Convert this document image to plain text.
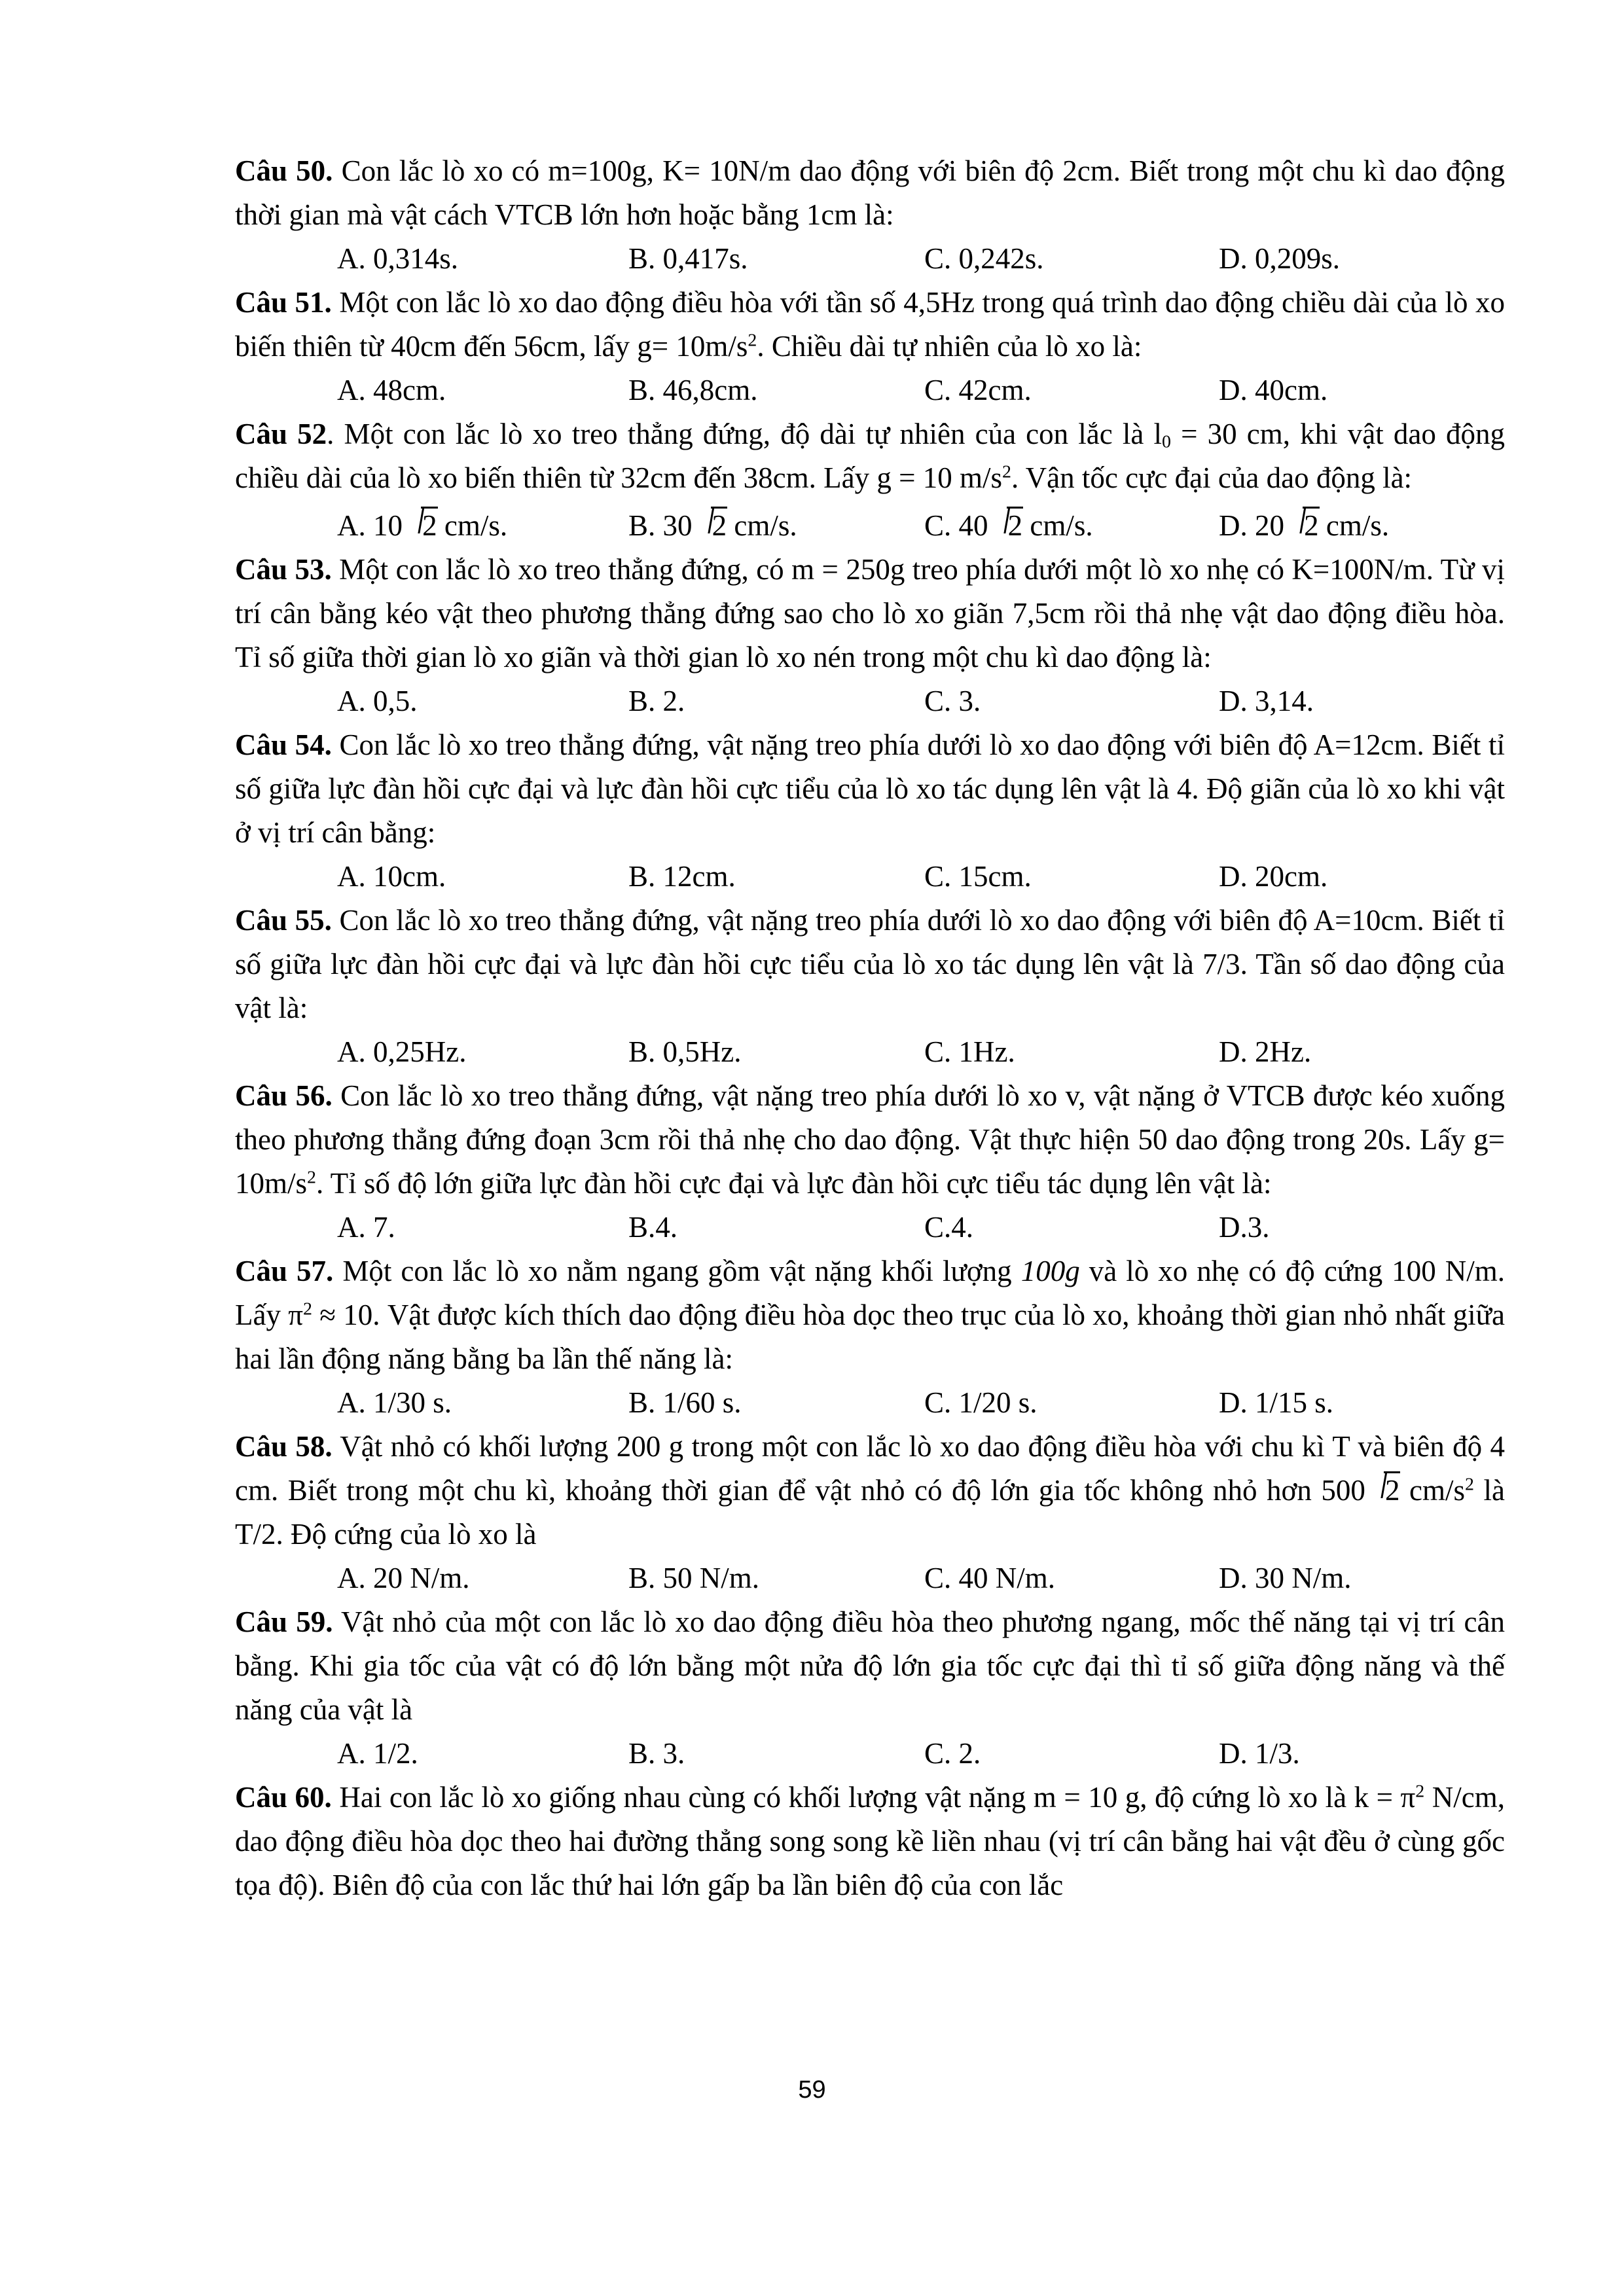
Câu 50. Con lắc lò xo có m=100g, K= 10N/m dao động với biên độ 2cm. Biết trong một chu kì dao động thời gian mà vật cách VTCB lớn hơn hoặc bằng 1cm là:

A. 0,314s.	B. 0,417s.	C. 0,242s.	D. 0,209s.

Câu 51. Một con lắc lò xo dao động điều hòa với tần số 4,5Hz trong quá trình dao động chiều dài của lò xo biến thiên từ 40cm đến 56cm, lấy $g= 10m/s^2$. Chiều dài tự nhiên của lò xo là:

A. 48cm.	B. 46,8cm.	C. 42cm.	D. 40cm.

Câu 52. Một con lắc lò xo treo thẳng đứng, độ dài tự nhiên của con lắc là $l_0 = 30$ cm, khi vật dao động chiều dài của lò xo biến thiên từ 32cm đến 38cm. Lấy g = 10 $m/s^2$. Vận tốc cực đại của dao động là:

A. 10 2 cm/s.	B. 30 2 cm/s.	C. 40 2 cm/s.	D. 20 2 cm/s.

Câu 53. Một con lắc lò xo treo thẳng đứng, có m = 250g treo phía dưới một lò xo nhẹ có K=100N/m. Từ vị trí cân bằng kéo vật theo phương thẳng đứng sao cho lò xo giãn 7,5cm rồi thả nhẹ vật dao động điều hòa. Tỉ số giữa thời gian lò xo giãn và thời gian lò xo nén trong một chu kì dao động là:

A. 0,5.	B. 2.	C. 3.	D. 3,14.

Câu 54. Con lắc lò xo treo thẳng đứng, vật nặng treo phía dưới lò xo dao động với biên độ A=12cm. Biết tỉ số giữa lực đàn hồi cực đại và lực đàn hồi cực tiểu của lò xo tác dụng lên vật là 4. Độ giãn của lò xo khi vật ở vị trí cân bằng:

A. 10cm.	B. 12cm.	C. 15cm.	D. 20cm.

Câu 55. Con lắc lò xo treo thẳng đứng, vật nặng treo phía dưới lò xo dao động với biên độ A=10cm. Biết tỉ số giữa lực đàn hồi cực đại và lực đàn hồi cực tiểu của lò xo tác dụng lên vật là 7/3. Tần số dao động của vật là:

A. 0,25Hz.	B. 0,5Hz.	C. 1Hz.	D. 2Hz.

Câu 56. Con lắc lò xo treo thẳng đứng, vật nặng treo phía dưới lò xo v, vật nặng ở VTCB được kéo xuống theo phương thẳng đứng đoạn 3cm rồi thả nhẹ cho dao động. Vật thực hiện 50 dao động trong 20s. Lấy $g= 10m/s^2$. Tỉ số độ lớn giữa lực đàn hồi cực đại và lực đàn hồi cực tiểu tác dụng lên vật là:

A. 7.	B.4.	C.4.	D.3.

Câu 57. Một con lắc lò xo nằm ngang gồm vật nặng khối lượng 100g và lò xo nhẹ có độ cứng 100 N/m. Lấy $\pi^2 \approx 10$. Vật được kích thích dao động điều hòa dọc theo trục của lò xo, khoảng thời gian nhỏ nhất giữa hai lần động năng bằng ba lần thế năng là:

A. 1/30 s.	B. 1/60 s.	C. 1/20 s.	D. 1/15 s.

Câu 58. Vật nhỏ có khối lượng 200 g trong một con lắc lò xo dao động điều hòa với chu kì T và biên độ 4 cm. Biết trong một chu kì, khoảng thời gian để vật nhỏ có độ lớn gia tốc không nhỏ hơn 500 2 $cm/s^2$ là T/2. Độ cứng của lò xo là

A. 20 N/m.	B. 50 N/m.	C. 40 N/m.	D. 30 N/m.

Câu 59. Vật nhỏ của một con lắc lò xo dao động điều hòa theo phương ngang, mốc thế năng tại vị trí cân bằng. Khi gia tốc của vật có độ lớn bằng một nửa độ lớn gia tốc cực đại thì tỉ số giữa động năng và thế năng của vật là

A. 1/2.	B. 3.	C. 2.	D. 1/3.

Câu 60. Hai con lắc lò xo giống nhau cùng có khối lượng vật nặng m = 10 g, độ cứng lò xo là $k = \pi^2$ N/cm, dao động điều hòa dọc theo hai đường thẳng song song kề liền nhau (vị trí cân bằng hai vật đều ở cùng gốc tọa độ). Biên độ của con lắc thứ hai lớn gấp ba lần biên độ của con lắc

59
